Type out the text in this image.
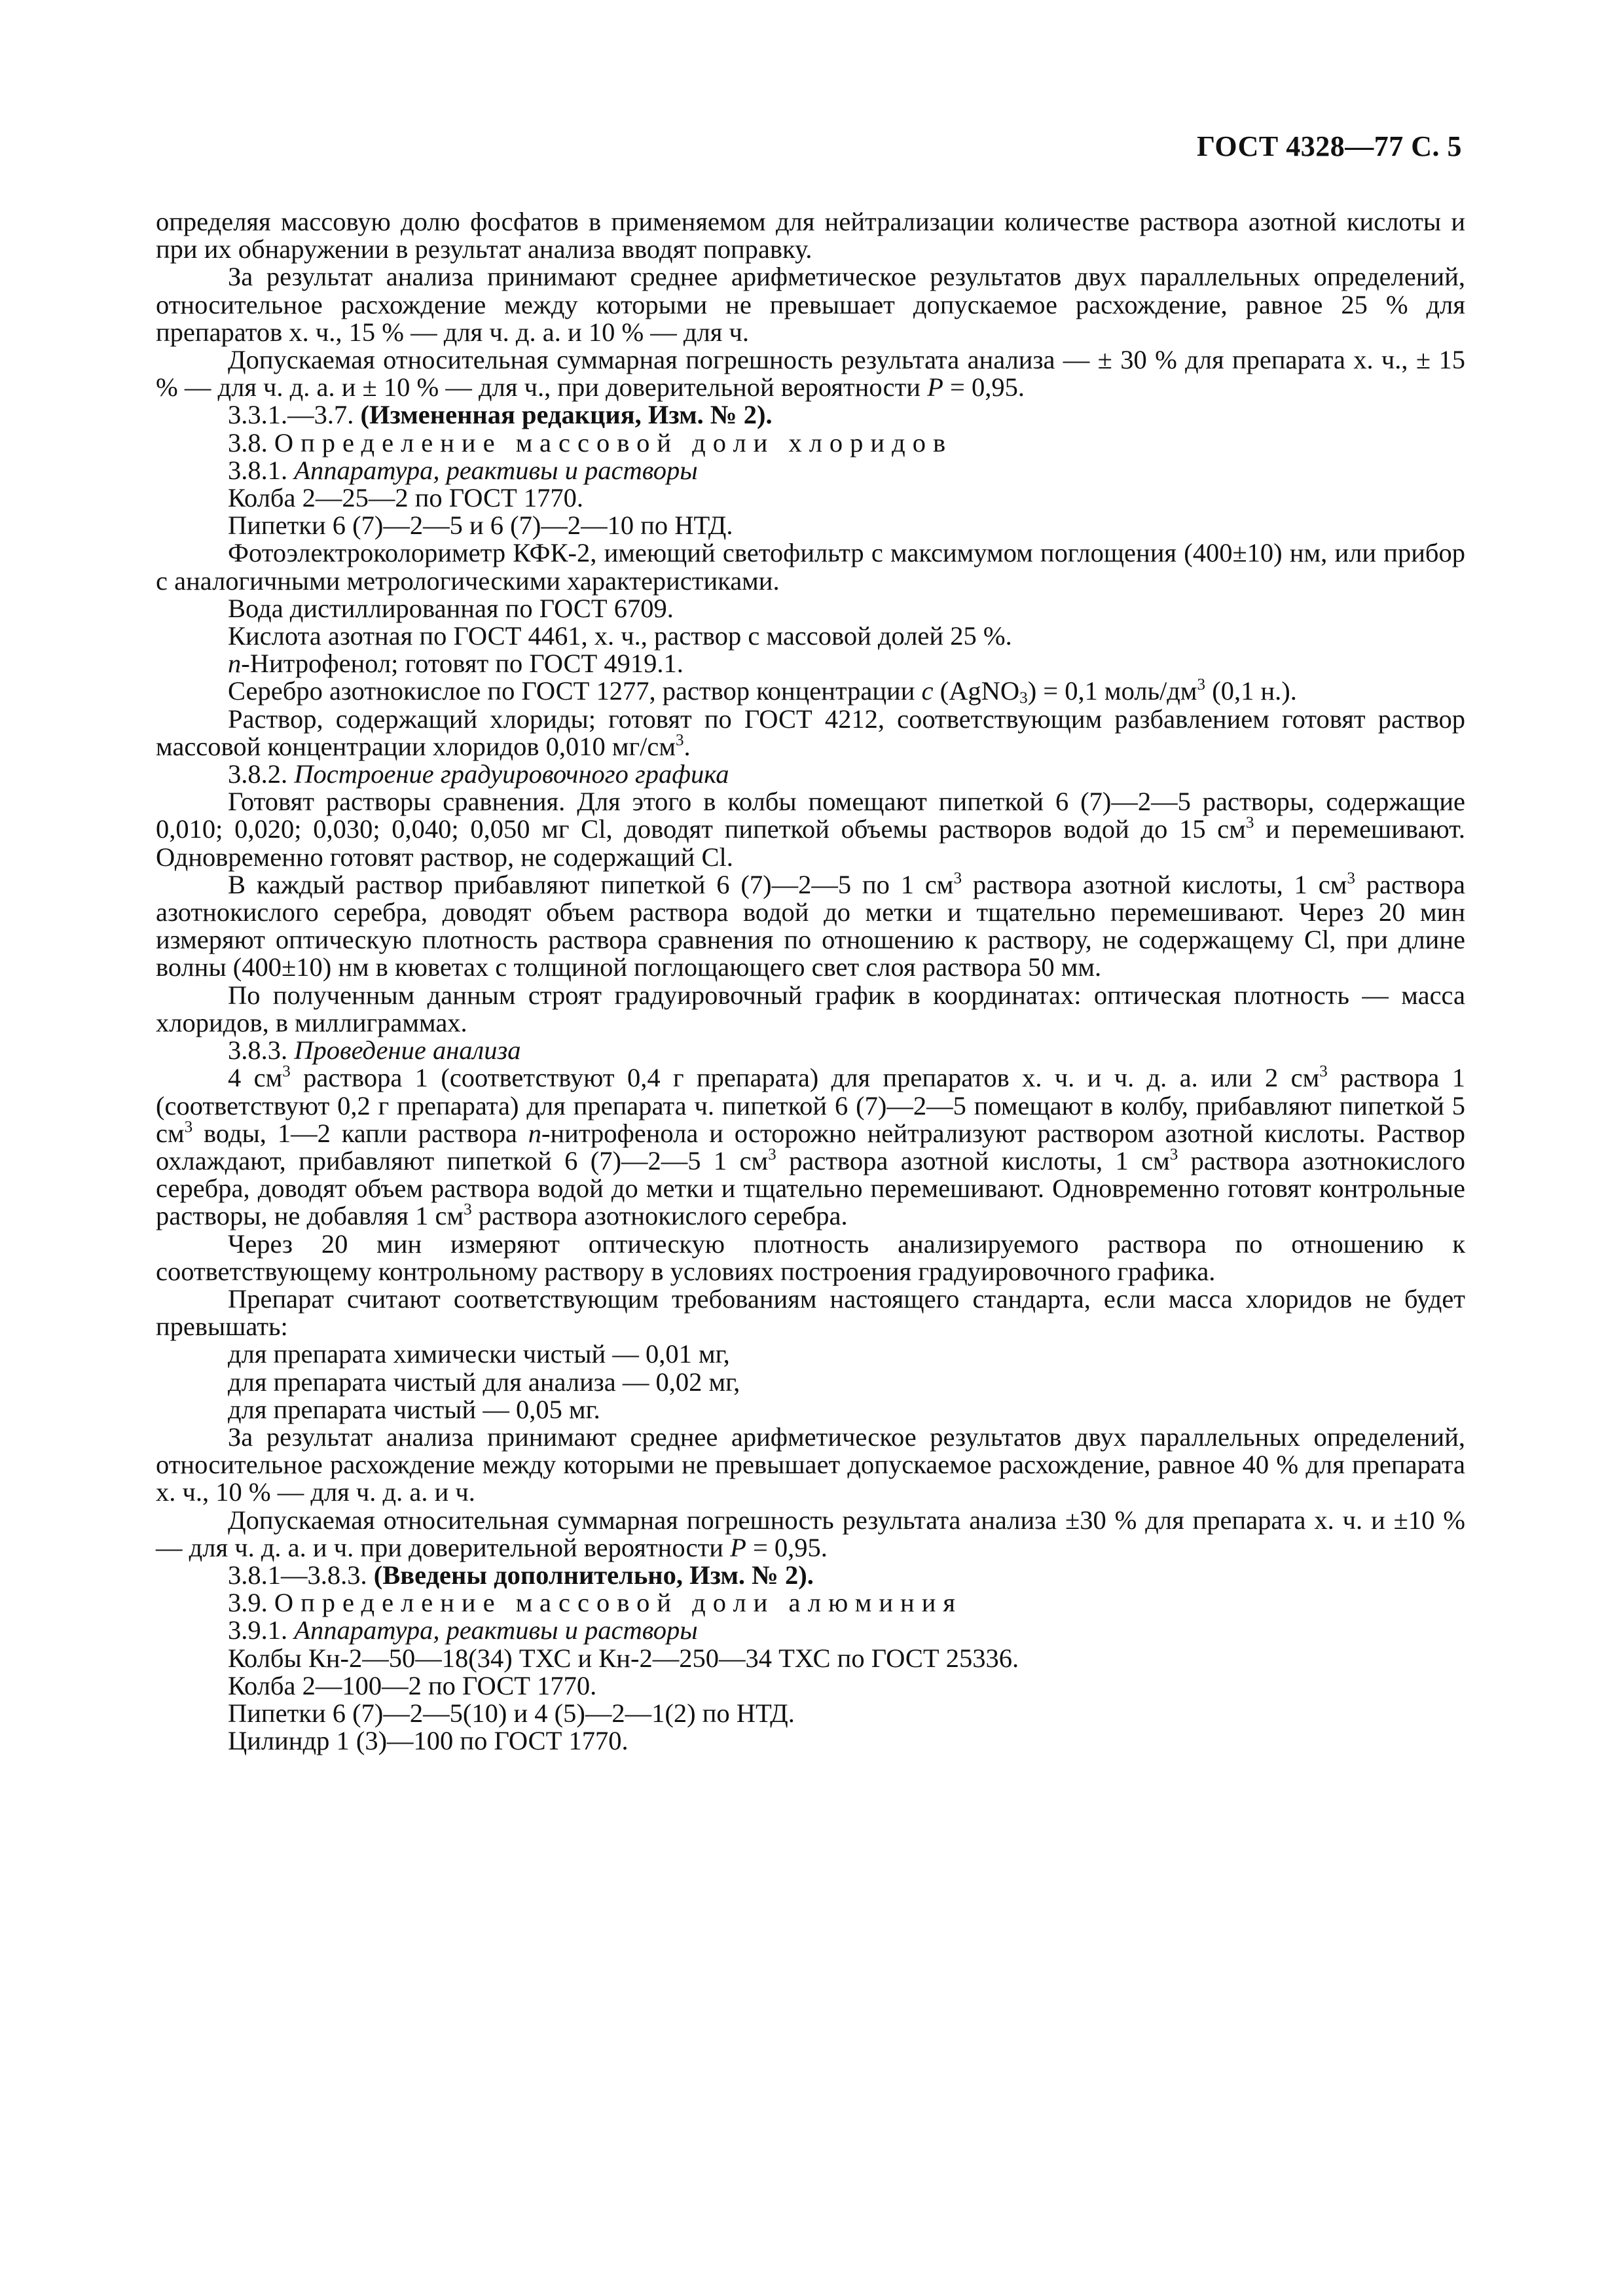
ГОСТ 4328—77 С. 5

определяя массовую долю фосфатов в применяемом для нейтрализации количестве раствора азотной кислоты и при их обнаружении в результат анализа вводят поправку.

За результат анализа принимают среднее арифметическое результатов двух параллельных определений, относительное расхождение между которыми не превышает допускаемое расхождение, равное 25 % для препаратов х. ч., 15 % — для ч. д. а. и 10 % — для ч.

Допускаемая относительная суммарная погрешность результата анализа — ± 30 % для препарата х. ч., ± 15 % — для ч. д. а. и ± 10 % — для ч., при доверительной вероятности P = 0,95.

3.3.1.—3.7. (Измененная редакция, Изм. № 2).

3.8. Определение массовой доли хлоридов

3.8.1. Аппаратура, реактивы и растворы

Колба 2—25—2 по ГОСТ 1770.

Пипетки 6 (7)—2—5 и 6 (7)—2—10 по НТД.

Фотоэлектроколориметр КФК-2, имеющий светофильтр с максимумом поглощения (400±10) нм, или прибор с аналогичными метрологическими характеристиками.

Вода дистиллированная по ГОСТ 6709.

Кислота азотная по ГОСТ 4461, х. ч., раствор с массовой долей 25 %.

n-Нитрофенол; готовят по ГОСТ 4919.1.

Серебро азотнокислое по ГОСТ 1277, раствор концентрации c (AgNO$_3$) = 0,1 моль/$дм^3$ (0,1 н.).

Раствор, содержащий хлориды; готовят по ГОСТ 4212, соответствующим разбавлением готовят раствор массовой концентрации хлоридов 0,010 $мг/см^3$.

3.8.2. Построение градуировочного графика

Готовят растворы сравнения. Для этого в колбы помещают пипеткой 6 (7)—2—5 растворы, содержащие 0,010; 0,020; 0,030; 0,040; 0,050 мг Cl, доводят пипеткой объемы растворов водой до 15 $см^3$ и перемешивают. Одновременно готовят раствор, не содержащий Cl.

В каждый раствор прибавляют пипеткой 6 (7)—2—5 по 1 $см^3$ раствора азотной кислоты, 1 $см^3$ раствора азотнокислого серебра, доводят объем раствора водой до метки и тщательно перемешивают. Через 20 мин измеряют оптическую плотность раствора сравнения по отношению к раствору, не содержащему Cl, при длине волны (400±10) нм в кюветах с толщиной поглощающего свет слоя раствора 50 мм.

По полученным данным строят градуировочный график в координатах: оптическая плотность — масса хлоридов, в миллиграммах.

3.8.3. Проведение анализа

4 $см^3$ раствора 1 (соответствуют 0,4 г препарата) для препаратов х. ч. и ч. д. а. или 2 $см^3$ раствора 1 (соответствуют 0,2 г препарата) для препарата ч. пипеткой 6 (7)—2—5 помещают в колбу, прибавляют пипеткой 5 $см^3$ воды, 1—2 капли раствора n-нитрофенола и осторожно нейтрализуют раствором азотной кислоты. Раствор охлаждают, прибавляют пипеткой 6 (7)—2—5 1 $см^3$ раствора азотной кислоты, 1 $см^3$ раствора азотнокислого серебра, доводят объем раствора водой до метки и тщательно перемешивают. Одновременно готовят контрольные растворы, не добавляя 1 $см^3$ раствора азотнокислого серебра.

Через 20 мин измеряют оптическую плотность анализируемого раствора по отношению к соответствующему контрольному раствору в условиях построения градуировочного графика.

Препарат считают соответствующим требованиям настоящего стандарта, если масса хлоридов не будет превышать:

для препарата химически чистый — 0,01 мг,

для препарата чистый для анализа — 0,02 мг,

для препарата чистый — 0,05 мг.

За результат анализа принимают среднее арифметическое результатов двух параллельных определений, относительное расхождение между которыми не превышает допускаемое расхождение, равное 40 % для препарата х. ч., 10 % — для ч. д. а. и ч.

Допускаемая относительная суммарная погрешность результата анализа ±30 % для препарата х. ч. и ±10 % — для ч. д. а. и ч. при доверительной вероятности P = 0,95.

3.8.1—3.8.3. (Введены дополнительно, Изм. № 2).

3.9. Определение массовой доли алюминия

3.9.1. Аппаратура, реактивы и растворы

Колбы Кн-2—50—18(34) ТХС и Кн-2—250—34 ТХС по ГОСТ 25336.

Колба 2—100—2 по ГОСТ 1770.

Пипетки 6 (7)—2—5(10) и 4 (5)—2—1(2) по НТД.

Цилиндр 1 (3)—100 по ГОСТ 1770.
